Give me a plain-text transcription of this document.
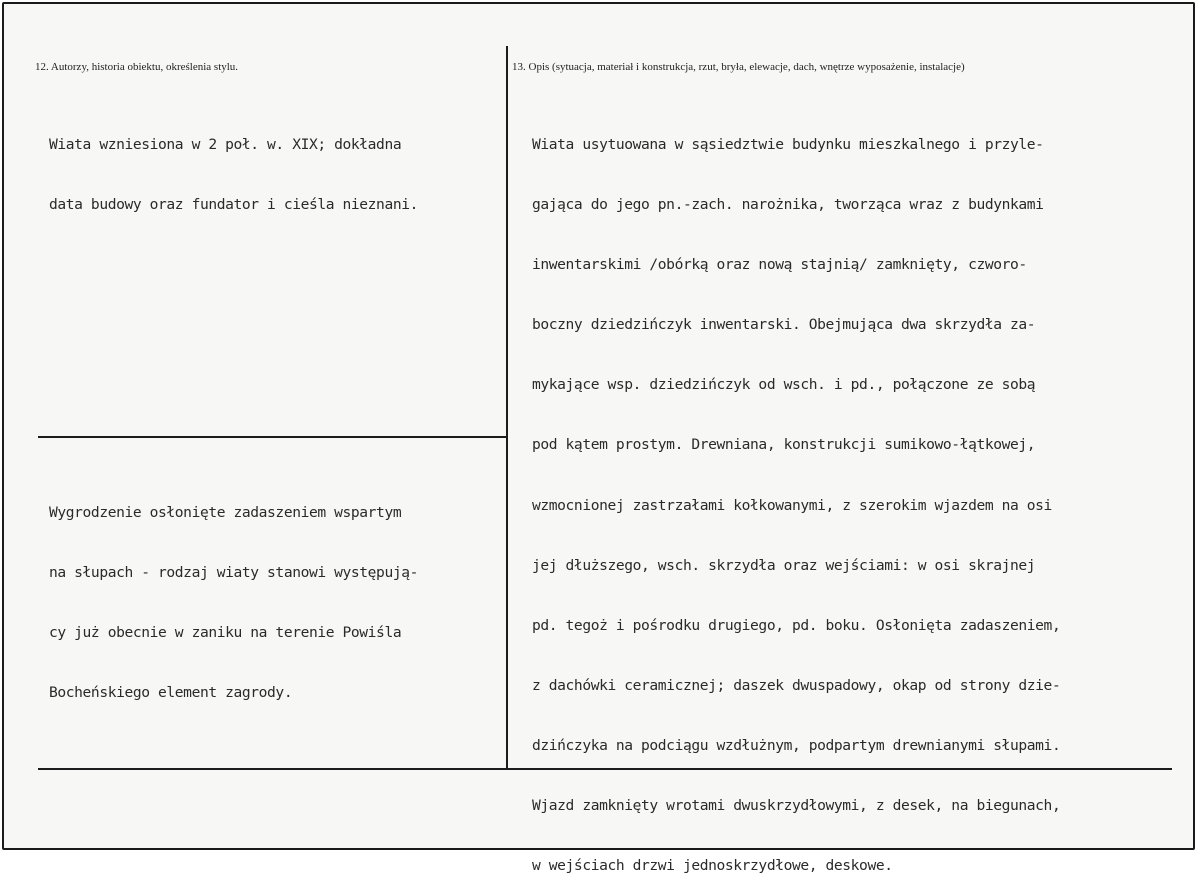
12. Autorzy, historia obiektu, określenia stylu.	13. Opis (sytuacja, materiał i konstrukcja, rzut, bryła, elewacje, dach, wnętrze wyposażenie, instalacje)

Wiata wzniesiona w 2 poł. w. XIX; dokładna

data budowy oraz fundator i cieśla nieznani.

Wygrodzenie osłonięte zadaszeniem wspartym

na słupach - rodzaj wiaty stanowi występują-

cy już obecnie w zaniku na terenie Powiśla

Bocheńskiego element zagrody.

Wiata usytuowana w sąsiedztwie budynku mieszkalnego i przyle-

gająca do jego pn.-zach. narożnika, tworząca wraz z budynkami

inwentarskimi /obórką oraz nową stajnią/ zamknięty, czworo-

boczny dziedzińczyk inwentarski. Obejmująca dwa skrzydła za-

mykające wsp. dziedzińczyk od wsch. i pd., połączone ze sobą

pod kątem prostym. Drewniana, konstrukcji sumikowo-łątkowej,

wzmocnionej zastrzałami kołkowanymi, z szerokim wjazdem na osi

jej dłuższego, wsch. skrzydła oraz wejściami: w osi skrajnej

pd. tegoż i pośrodku drugiego, pd. boku. Osłonięta zadaszeniem,

z dachówki ceramicznej; daszek dwuspadowy, okap od strony dzie-

dzińczyka na podciągu wzdłużnym, podpartym drewnianymi słupami.

Wjazd zamknięty wrotami dwuskrzydłowymi, z desek, na biegunach,

w wejściach drzwi jednoskrzydłowe, deskowe.
